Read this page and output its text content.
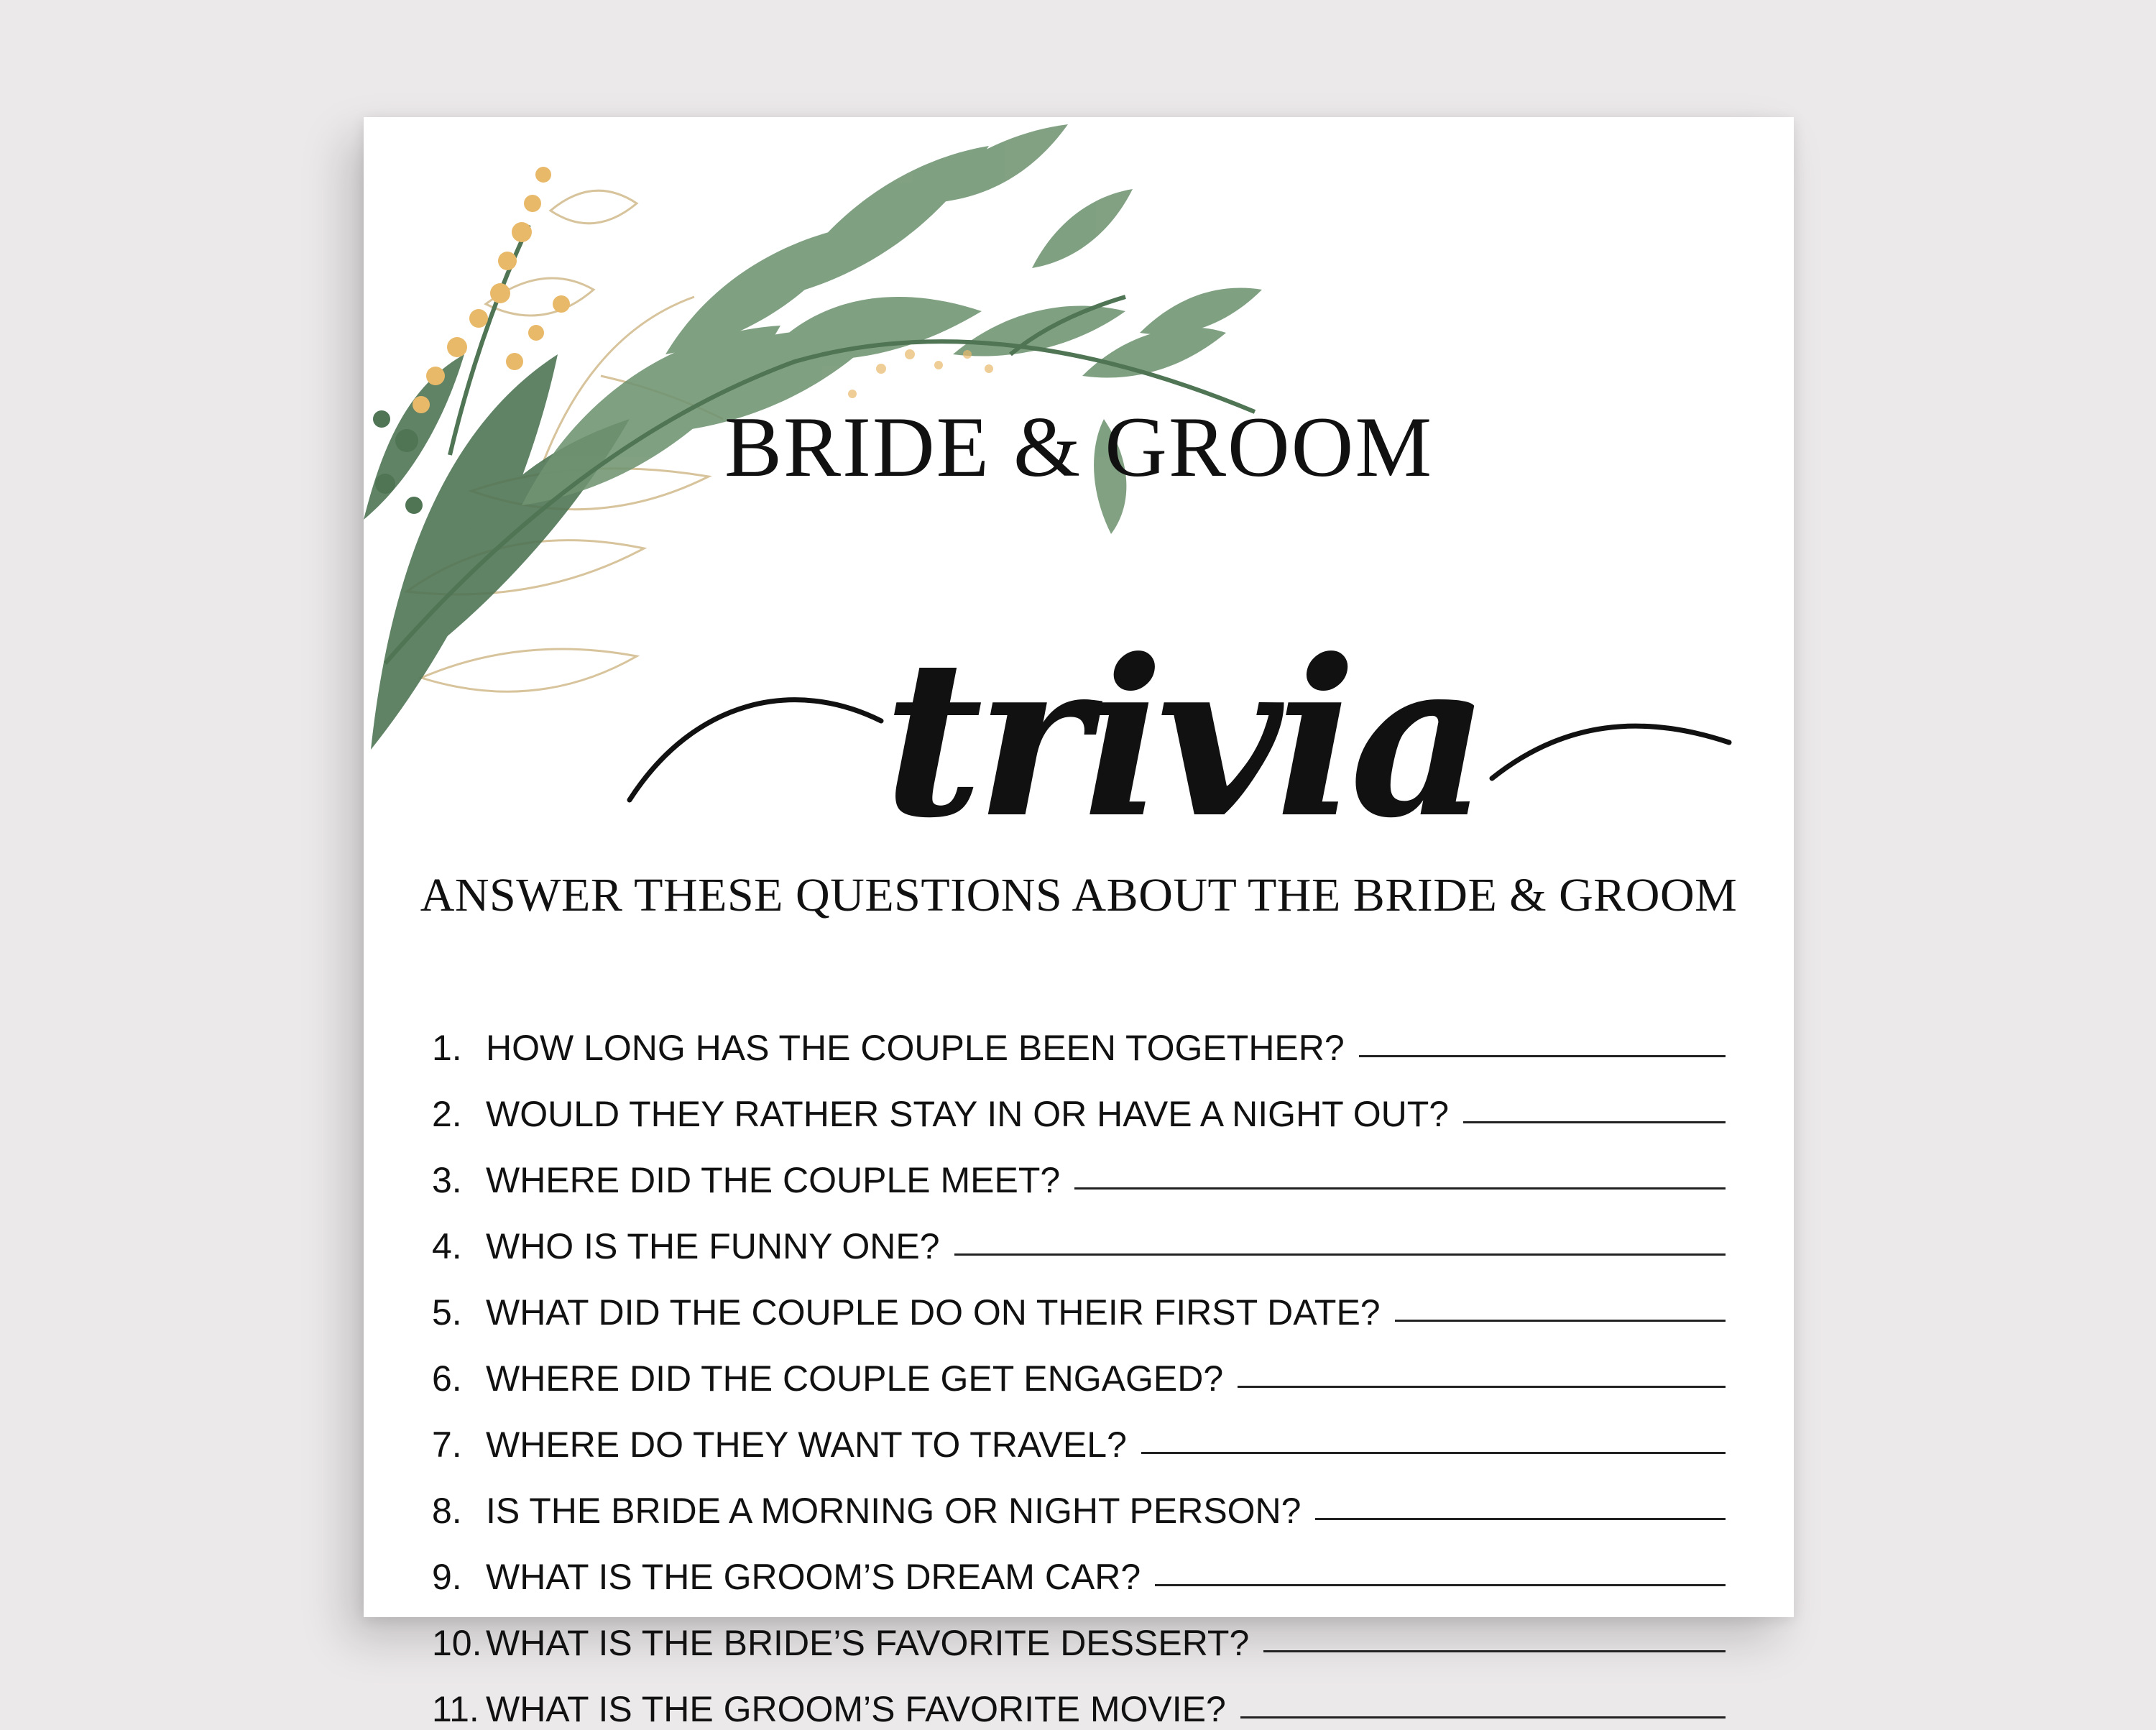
BRIDE & GROOM
trivia

ANSWER THESE QUESTIONS ABOUT THE BRIDE & GROOM

1. HOW LONG HAS THE COUPLE BEEN TOGETHER?
2. WOULD THEY RATHER STAY IN OR HAVE A NIGHT OUT?
3. WHERE DID THE COUPLE MEET?
4. WHO IS THE FUNNY ONE?
5. WHAT DID THE COUPLE DO ON THEIR FIRST DATE?
6. WHERE DID THE COUPLE GET ENGAGED?
7. WHERE DO THEY WANT TO TRAVEL?
8. IS THE BRIDE A MORNING OR NIGHT PERSON?
9. WHAT IS THE GROOM’S DREAM CAR?
10. WHAT IS THE BRIDE’S FAVORITE DESSERT?
11. WHAT IS THE GROOM’S FAVORITE MOVIE?
